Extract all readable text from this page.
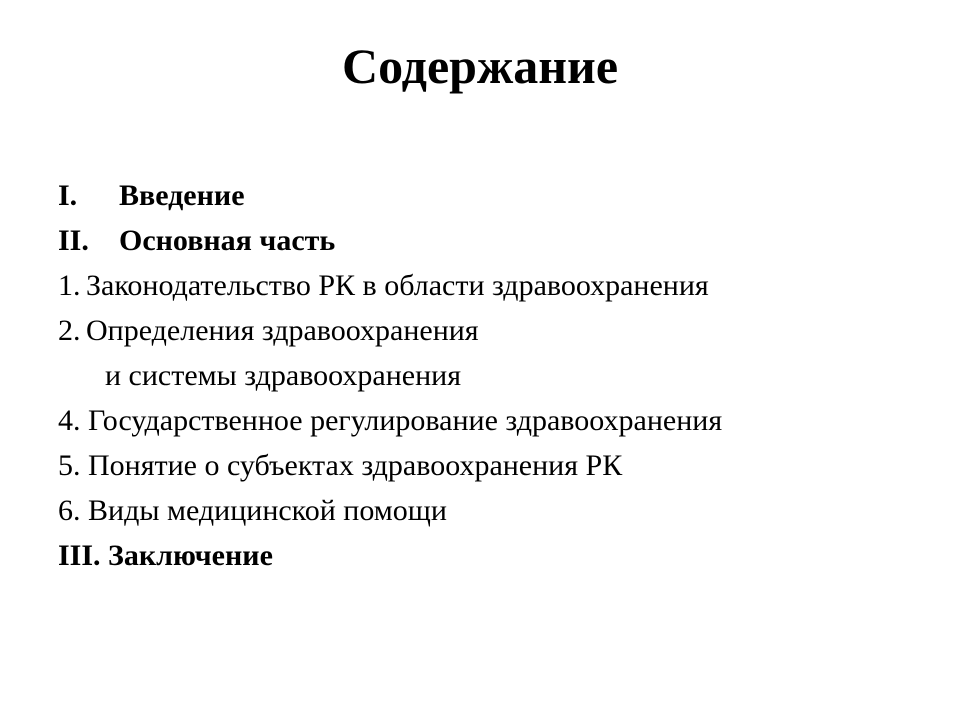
Содержание
I. Введение
II. Основная часть
1. Законодательство РК в области здравоохранения
2. Определения здравоохранения
и системы здравоохранения
4. Государственное регулирование здравоохранения
5. Понятие о субъектах здравоохранения РК
6. Виды медицинской помощи
III. Заключение
